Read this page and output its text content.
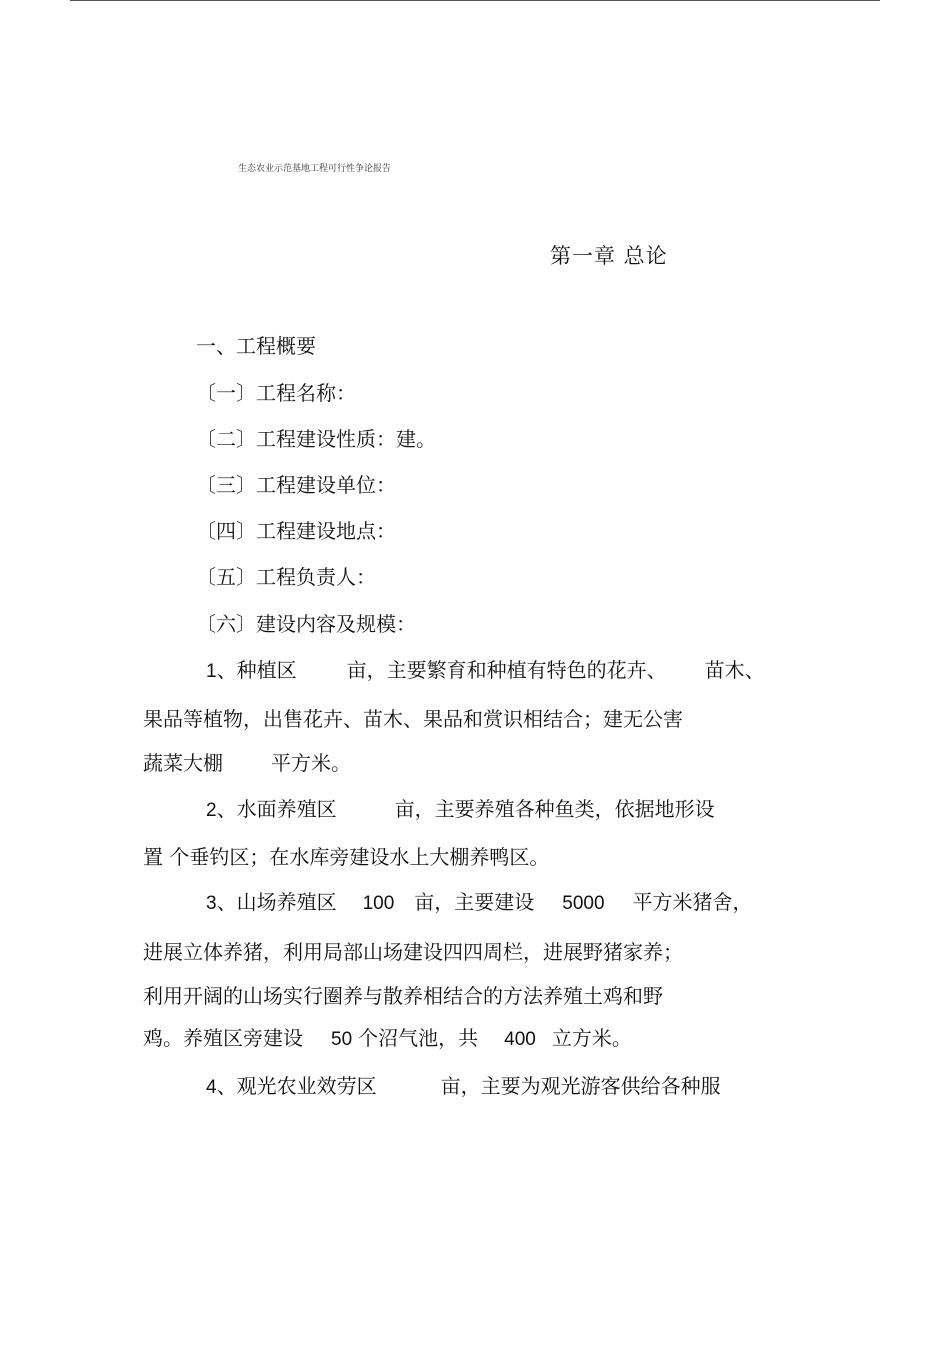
生态农业示范基地工程可行性争论报告
第一章 总论
一、工程概要
〔一〕工程名称：
〔二〕工程建设性质：建。
〔三〕工程建设单位：
〔四〕工程建设地点：
〔五〕工程负责人：
〔六〕建设内容及规模：
1、种植区	亩，主要繁育和种植有特色的花卉、 苗木、
果品等植物，出售花卉、苗木、果品和赏识相结合；建无公害
蔬菜大棚 平方米。
2、水面养殖区	亩，主要养殖各种鱼类，依据地形设
置 个垂钓区；在水库旁建设水上大棚养鸭区。
3、山场养殖区 100 亩，主要建设 5000 平方米猪舍，
进展立体养猪，利用局部山场建设四四周栏，进展野猪家养；
利用开阔的山场实行圈养与散养相结合的方法养殖土鸡和野
鸡。养殖区旁建设 50 个沼气池，共 400 立方米。
4、观光农业效劳区	亩，主要为观光游客供给各种服
